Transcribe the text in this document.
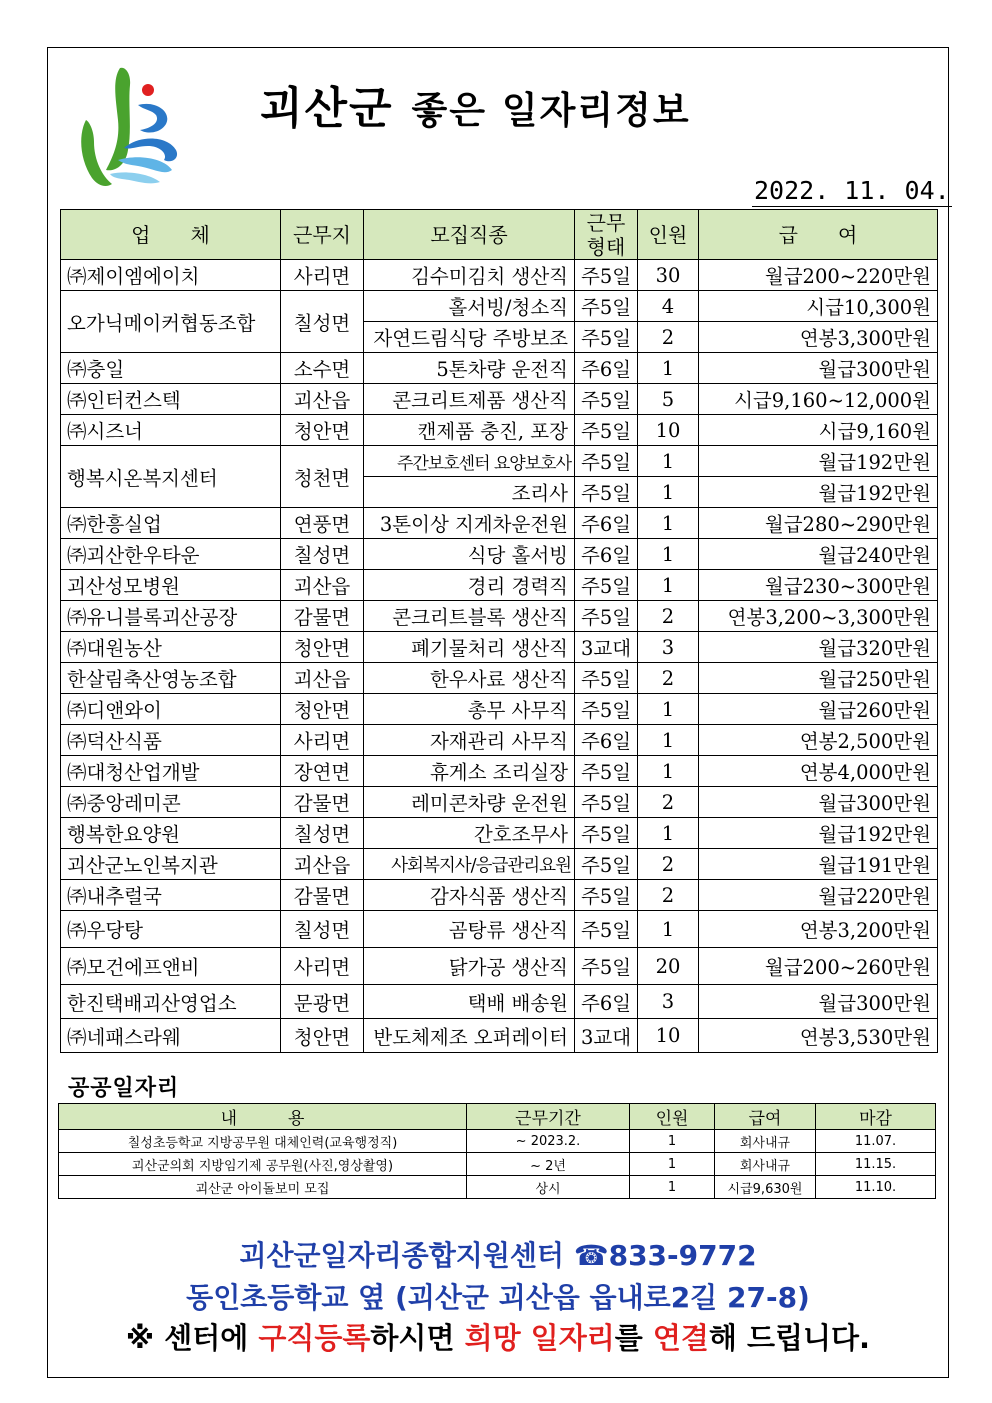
괴산군 좋은 일자리정보
2022. 11. 04.
업　　체	근무지	모집직종	근무형태	인원	급　　여
㈜제이엠에이치	사리면	김수미김치 생산직	주5일	30	월급200~220만원
오가닉메이커협동조합	칠성면	홀서빙/청소직	주5일	4	시급10,300원
		자연드림식당 주방보조	주5일	2	연봉3,300만원
㈜충일	소수면	5톤차량 운전직	주6일	1	월급300만원
㈜인터컨스텍	괴산읍	콘크리트제품 생산직	주5일	5	시급9,160~12,000원
㈜시즈너	청안면	캔제품 충진, 포장	주5일	10	시급9,160원
행복시온복지센터	청천면	주간보호센터 요양보호사	주5일	1	월급192만원
		조리사	주5일	1	월급192만원
㈜한흥실업	연풍면	3톤이상 지게차운전원	주6일	1	월급280~290만원
㈜괴산한우타운	칠성면	식당 홀서빙	주6일	1	월급240만원
괴산성모병원	괴산읍	경리 경력직	주5일	1	월급230~300만원
㈜유니블록괴산공장	감물면	콘크리트블록 생산직	주5일	2	연봉3,200~3,300만원
㈜대원농산	청안면	폐기물처리 생산직	3교대	3	월급320만원
한살림축산영농조합	괴산읍	한우사료 생산직	주5일	2	월급250만원
㈜디앤와이	청안면	총무 사무직	주5일	1	월급260만원
㈜덕산식품	사리면	자재관리 사무직	주6일	1	연봉2,500만원
㈜대청산업개발	장연면	휴게소 조리실장	주5일	1	연봉4,000만원
㈜중앙레미콘	감물면	레미콘차량 운전원	주5일	2	월급300만원
행복한요양원	칠성면	간호조무사	주5일	1	월급192만원
괴산군노인복지관	괴산읍	사회복지사/응급관리요원	주5일	2	월급191만원
㈜내추럴국	감물면	감자식품 생산직	주5일	2	월급220만원
㈜우당탕	칠성면	곰탕류 생산직	주5일	1	연봉3,200만원
㈜모건에프앤비	사리면	닭가공 생산직	주5일	20	월급200~260만원
한진택배괴산영업소	문광면	택배 배송원	주6일	3	월급300만원
㈜네패스라웨	청안면	반도체제조 오퍼레이터	3교대	10	연봉3,530만원
공공일자리
내　　　용	근무기간	인원	급여	마감
칠성초등학교 지방공무원 대체인력(교육행정직)	~ 2023.2.	1	회사내규	11.07.
괴산군의회 지방임기제 공무원(사진,영상촬영)	~ 2년	1	회사내규	11.15.
괴산군 아이돌보미 모집	상시	1	시급9,630원	11.10.
괴산군일자리종합지원센터 ☎833-9772
동인초등학교 옆 (괴산군 괴산읍 읍내로2길 27-8)
※ 센터에 구직등록하시면 희망 일자리를 연결해 드립니다.
